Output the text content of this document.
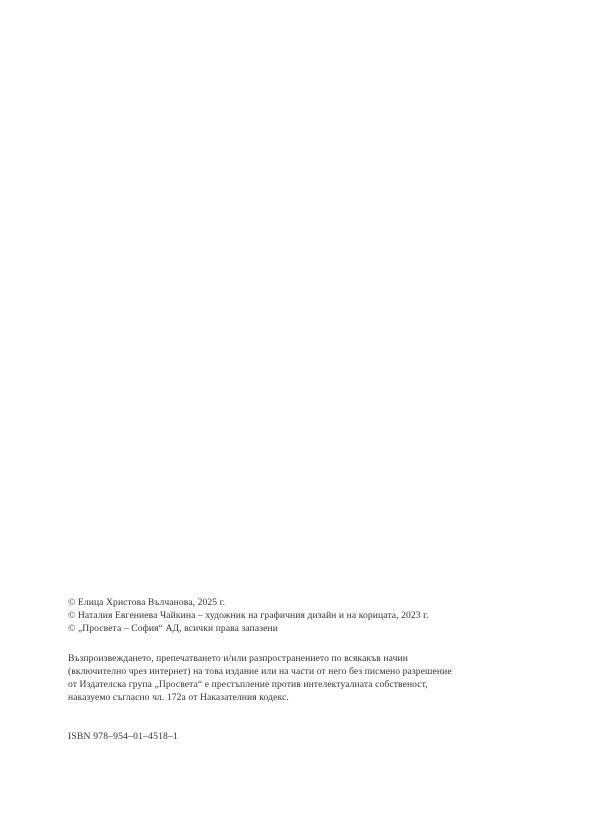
© Елица Христова Вълчанова, 2025 г.
© Наталия Евгениева Чайкина – художник на графичния дизайн и на корицата, 2023 г.
© „Просвета – София“ АД, всички права запазени

Възпроизвеждането, препечатването и/или разпространението по всякакъв начин
(включително чрез интернет) на това издание или на части от него без писмено разрешение
от Издателска група „Просвета“ е престъпление против интелектуалната собственост,
наказуемо съгласно чл. 172а от Наказателния кодекс.

ISBN 978–954–01–4518–1
